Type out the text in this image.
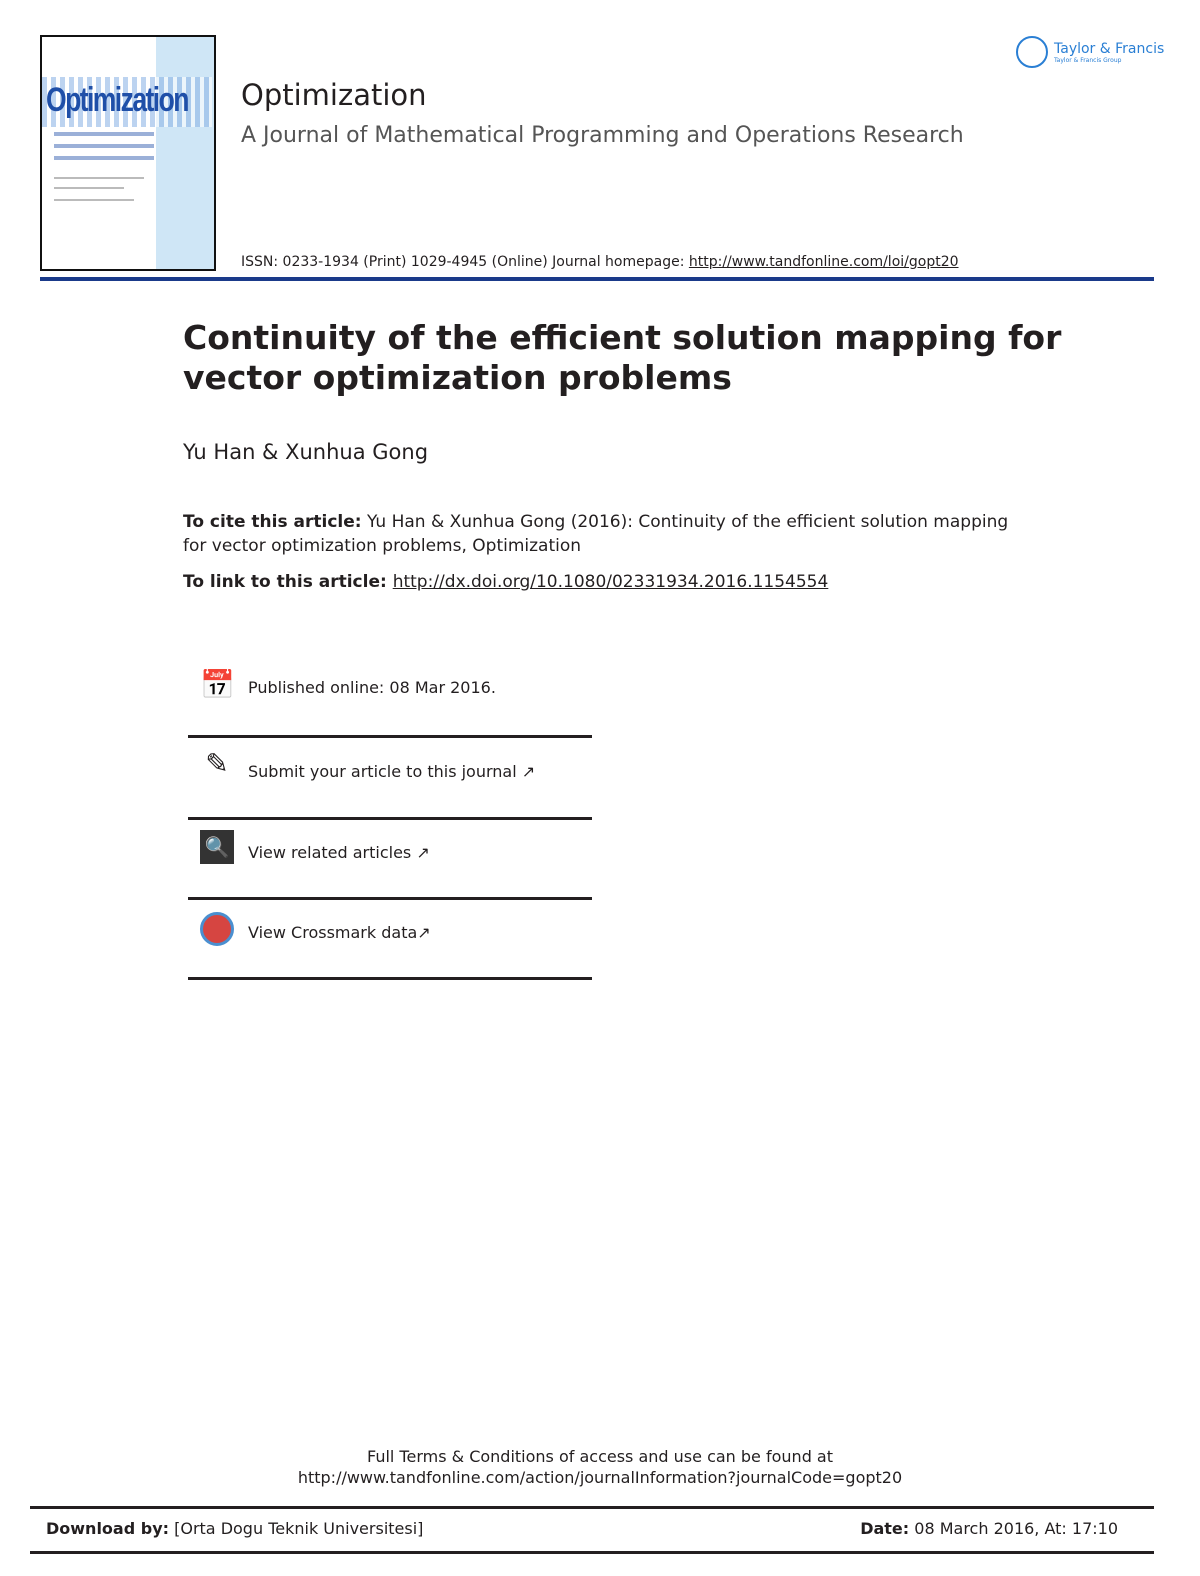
Optimization Optimization
A Journal of Mathematical Programming and Operations Research
ISSN: 0233-1934 (Print) 1029-4945 (Online) Journal homepage: http://www.tandfonline.com/loi/gopt20
Taylor & Francis
Taylor & Francis Group
Continuity of the efficient solution mapping for vector optimization problems
Yu Han & Xunhua Gong
To cite this article: Yu Han & Xunhua Gong (2016): Continuity of the efficient solution mapping for vector optimization problems, Optimization
To link to this article: http://dx.doi.org/10.1080/02331934.2016.1154554
📅 Published online: 08 Mar 2016.
✎	Submit your article to this journal ↗
🔍 View related articles ↗
View Crossmark data↗
Full Terms & Conditions of access and use can be found at
http://www.tandfonline.com/action/journalInformation?journalCode=gopt20
Download by: [Orta Dogu Teknik Universitesi]	Date: 08 March 2016, At: 17:10
